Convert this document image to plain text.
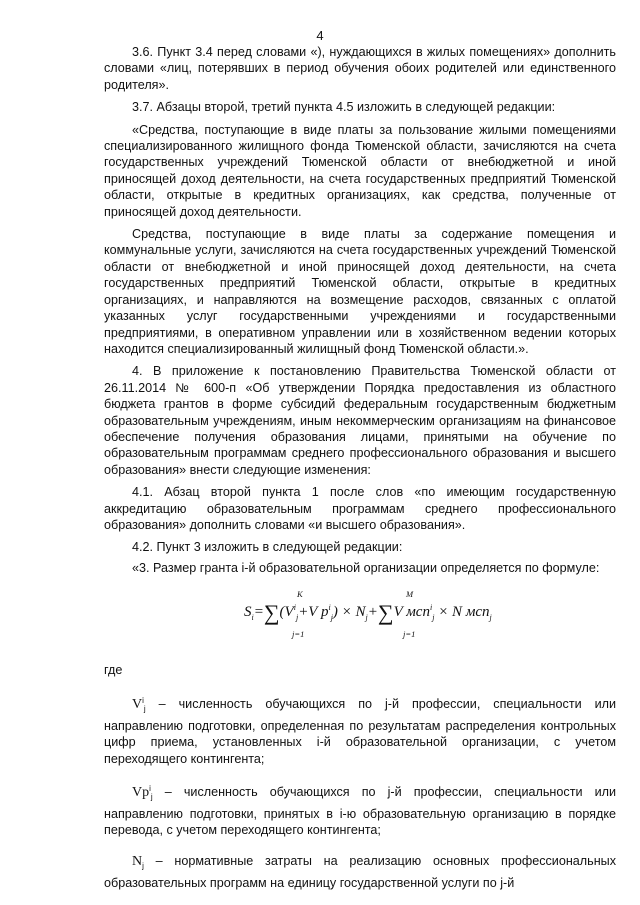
4

3.6. Пункт 3.4 перед словами «), нуждающихся в жилых помещениях» дополнить словами «лиц, потерявших в период обучения обоих родителей или единственного родителя».

3.7. Абзацы второй, третий пункта 4.5 изложить в следующей редакции:

«Средства, поступающие в виде платы за пользование жилыми помещениями специализированного жилищного фонда Тюменской области, зачисляются на счета государственных учреждений Тюменской области от внебюджетной и иной приносящей доход деятельности, на счета государственных предприятий Тюменской области, открытые в кредитных организациях, как средства, полученные от приносящей доход деятельности.

Средства, поступающие в виде платы за содержание помещения и коммунальные услуги, зачисляются на счета государственных учреждений Тюменской области от внебюджетной и иной приносящей доход деятельности, на счета государственных предприятий Тюменской области, открытые в кредитных организациях, и направляются на возмещение расходов, связанных с оплатой указанных услуг государственными учреждениями и государственными предприятиями, в оперативном управлении или в хозяйственном ведении которых находится специализированный жилищный фонд Тюменской области.».

4. В приложение к постановлению Правительства Тюменской области от 26.11.2014 № 600-п «Об утверждении Порядка предоставления из областного бюджета грантов в форме субсидий федеральным государственным бюджетным образовательным учреждениям, иным некоммерческим организациям на финансовое обеспечение получения образования лицами, принятыми на обучение по образовательным программам среднего профессионального образования и высшего образования» внести следующие изменения:

4.1. Абзац второй пункта 1 после слов «по имеющим государственную аккредитацию образовательным программам среднего профессионального образования» дополнить словами «и высшего образования».

4.2. Пункт 3 изложить в следующей редакции:

«3. Размер гранта i-й образовательной организации определяется по формуле:

K
j=1
M
j=1
$S_i=\sum(V^i_j+V$ $p^i_j) \times N_j+\sum V$ мсп$^i_j$ × N мсп$_j$

где

$V^i_j$ – численность обучающихся по j-й профессии, специальности или направлению подготовки, определенная по результатам распределения контрольных цифр приема, установленных i-й образовательной организации, с учетом переходящего контингента;

$Vp^i_j$ – численность обучающихся по j-й профессии, специальности или направлению подготовки, принятых в i-ю образовательную организацию в порядке перевода, с учетом переходящего контингента;

$N_j$ – нормативные затраты на реализацию основных профессиональных образовательных программ на единицу государственной услуги по j-й
